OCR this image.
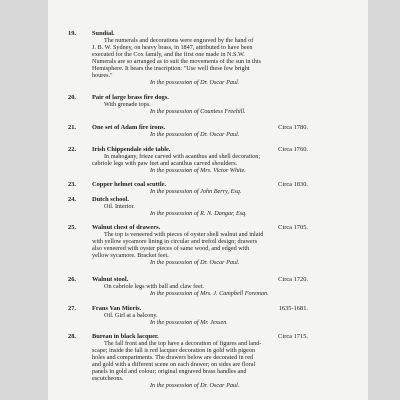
19.	Sundial.
The numerals and decorations were engraved by the hand of
J. B. W. Sydney, on heavy brass, in 1847, attributed to have been
executed for the Cox family, and the first one made in N.S.W.
Numerals are so arranged as to suit the movements of the sun in this
Hemisphere. It bears the inscription: "Use well these few bright
houres."
In the possession of Dr. Oscar Paul.
20.	Pair of large brass fire dogs.
With grenade tops.
In the possession of Countess Freehill.
21.	One set of Adam fire irons.	Circa 1780.
In the possession of Dr. Oscar Paul.
22.	Irish Chippendale side table.	Circa 1760.
In mahogany, frieze carved with acanthus and shell decoration;
cabriole legs with paw feet and acanthus carved shoulders.
In the possession of Mrs. Victor White.
23.	Copper helmet coal scuttle.	Circa 1830.
In the possession of John Berry, Esq.
24.	Dutch school.
Oil. Interior.
In the possession of R. N. Dangar, Esq.
25.	Walnut chest of drawers.	Circa 1705.
The top is veneered with pieces of oyster shell walnut and inlaid
with yellow sycamore lining in circular and trefoil design; drawers
also veneered with oyster pieces of same wood, and edged with
yellow sycamore. Bracket feet.
In the possession of Dr. Oscar Paul.
26.	Walnut stool.	Circa 1720.
On cabriole legs with ball and claw feet.
In the possession of Mrs. J. Campbell Foreman.
27.	Frans Van Mieris.	1635-1681.
Oil. Girl at a balcony.
In the possession of Mr. Jessen.
28.	Bureau in black lacquer.	Circa 1715.
The fall front and the top have a decoration of figures and land-
scape; inside the fall is red lacquer decoration in gold with pigeon
holes and compartments. The drawers below are decorated in red
and gold with a different scene on each drawer; on sides are floral
panels in gold and colour; original engraved brass handles and
escutcheons.
In the possession of Dr. Oscar Paul.
